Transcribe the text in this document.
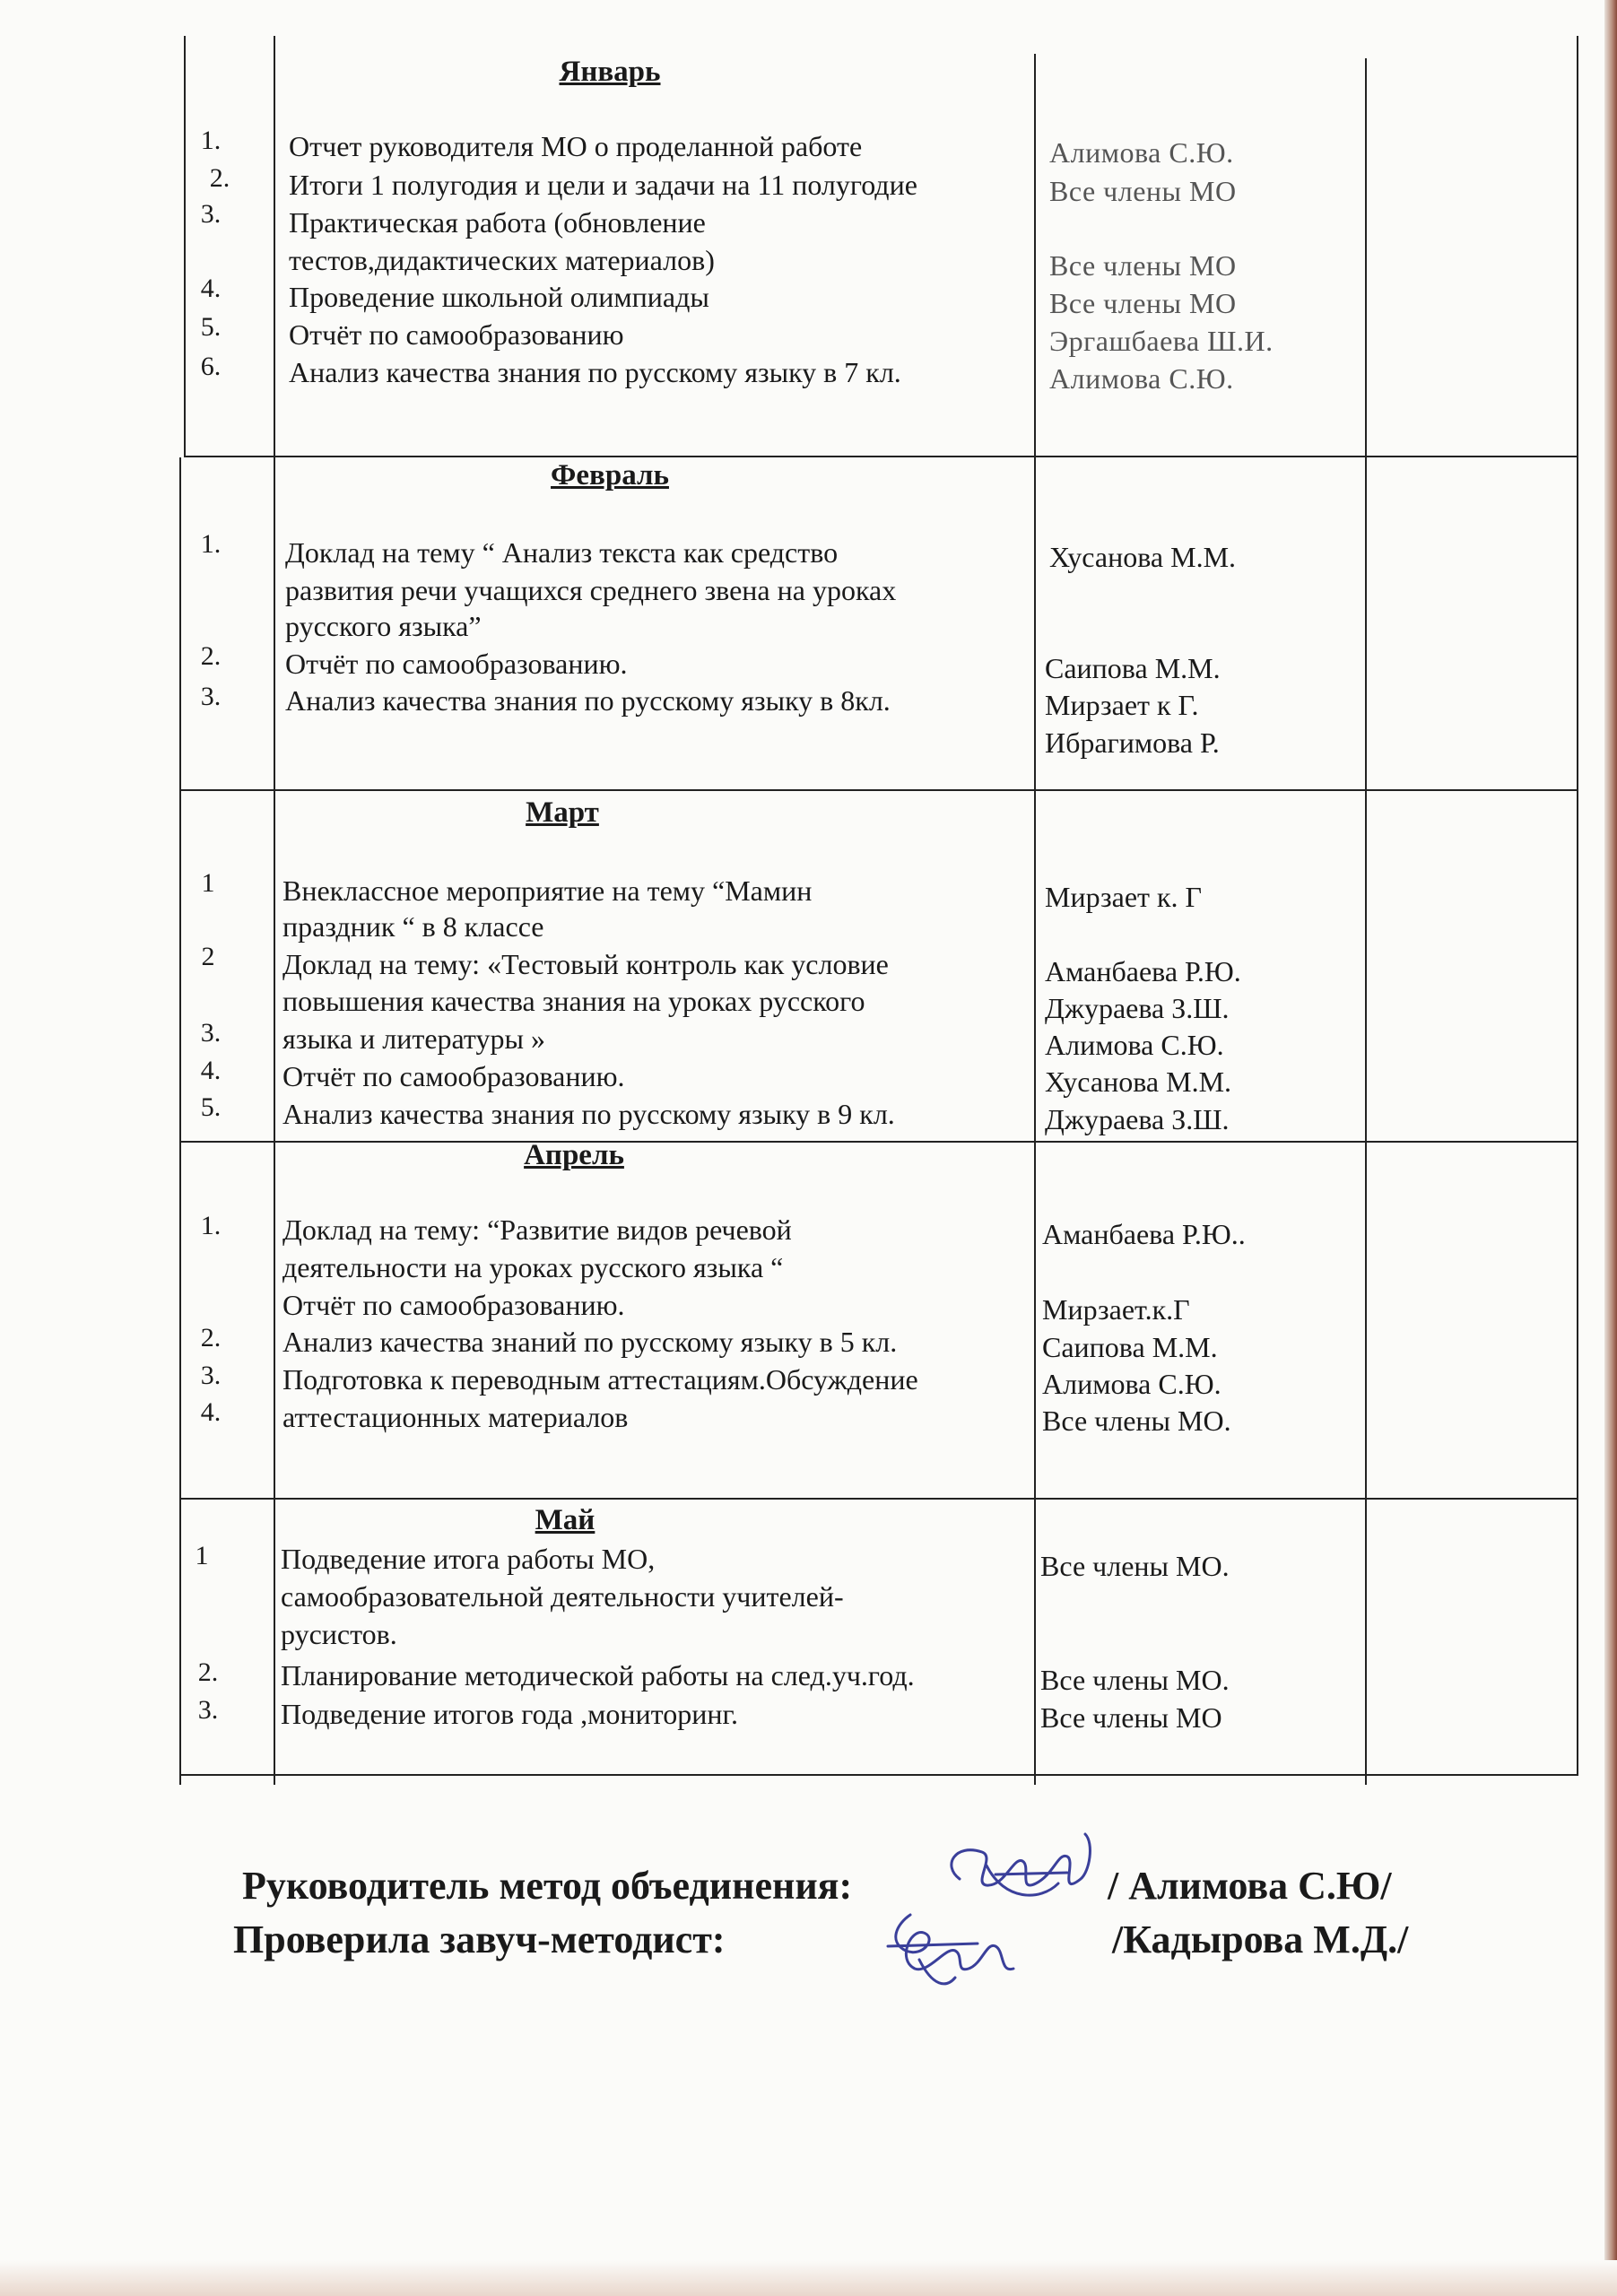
Январь
1.
2.
3.
4.
5.
6.
Отчет руководителя МО о проделанной работе
Итоги 1 полугодия и цели и задачи на 11 полугодие
Практическая работа (обновление
тестов,дидактических материалов)
Проведение школьной олимпиады
Отчёт по самообразованию
Анализ качества знания по русскому языку в 7 кл.
Алимова С.Ю.
Все члены МО
Все члены МО
Все члены МО
Эргашбаева Ш.И.
Алимова С.Ю.
Февраль
1.
2.
3.
Доклад на тему “ Анализ текста как средство
развития речи учащихся среднего звена на уроках
русского языка”
Отчёт по самообразованию.
Анализ качества знания по русскому языку в 8кл.
Хусанова М.М.
Саипова М.М.
Мирзает к Г.
Ибрагимова Р.
Март
1
2
3.
4.
5.
Внеклассное мероприятие на тему “Мамин
праздник “ в 8 классе
Доклад на тему: «Тестовый контроль как условие
повышения качества знания на уроках русского
языка и литературы »
Отчёт по самообразованию.
Анализ качества знания по русскому языку в 9 кл.
Мирзает к. Г
Аманбаева Р.Ю.
Джураева З.Ш.
Алимова С.Ю.
Хусанова М.М.
Джураева З.Ш.
Апрель
1.
2.
3.
4.
Доклад на тему: “Развитие видов речевой
деятельности на уроках русского языка “
Отчёт по самообразованию.
Анализ качества знаний по русскому языку в 5 кл.
Подготовка к переводным аттестациям.Обсуждение
аттестационных материалов
Аманбаева Р.Ю..
Мирзает.к.Г
Саипова М.М.
Алимова С.Ю.
Все члены МО.
Май
1
2.
3.
Подведение итога работы МО,
самообразовательной деятельности учителей-
русистов.
Планирование методической работы на след.уч.год.
Подведение итогов года ,мониторинг.
Все члены МО.
Все члены МО.
Все члены МО
Руководитель метод объединения:	/ Алимова С.Ю/
Проверила завуч-методист:	/Кадырова М.Д./
